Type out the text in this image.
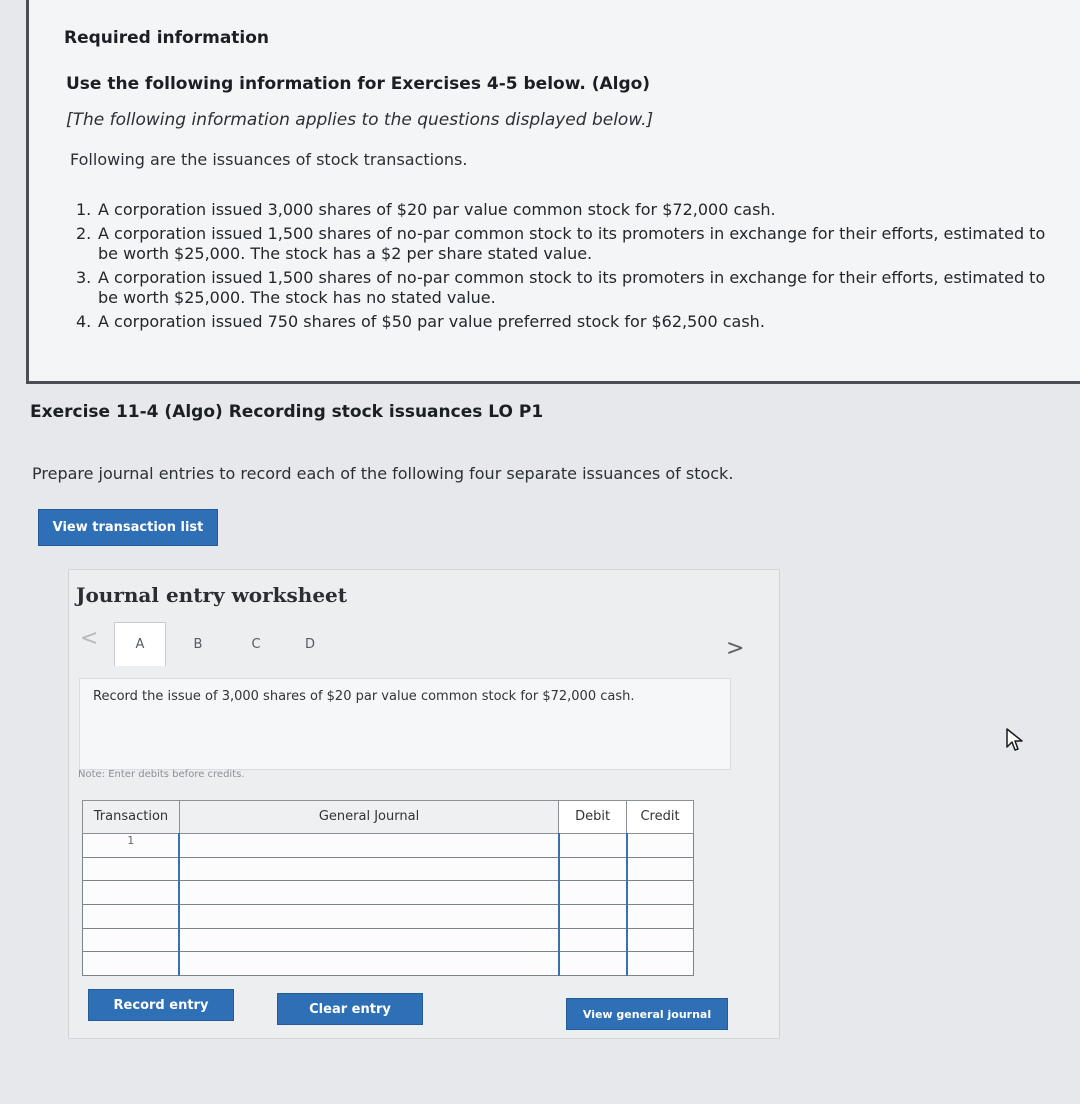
Required information
Use the following information for Exercises 4-5 below. (Algo)
[The following information applies to the questions displayed below.]
Following are the issuances of stock transactions.
1. A corporation issued 3,000 shares of $20 par value common stock for $72,000 cash.
2. A corporation issued 1,500 shares of no-par common stock to its promoters in exchange for their efforts, estimated to be worth $25,000. The stock has a $2 per share stated value.
3. A corporation issued 1,500 shares of no-par common stock to its promoters in exchange for their efforts, estimated to be worth $25,000. The stock has no stated value.
4. A corporation issued 750 shares of $50 par value preferred stock for $62,500 cash.
Exercise 11-4 (Algo) Recording stock issuances LO P1
Prepare journal entries to record each of the following four separate issuances of stock.
View transaction list
Journal entry worksheet
<	A	B	C	D	>
Record the issue of 3,000 shares of $20 par value common stock for $72,000 cash.
Note: Enter debits before credits.
Transaction	General Journal	Debit	Credit
1			

Record entry	Clear entry	View general journal
